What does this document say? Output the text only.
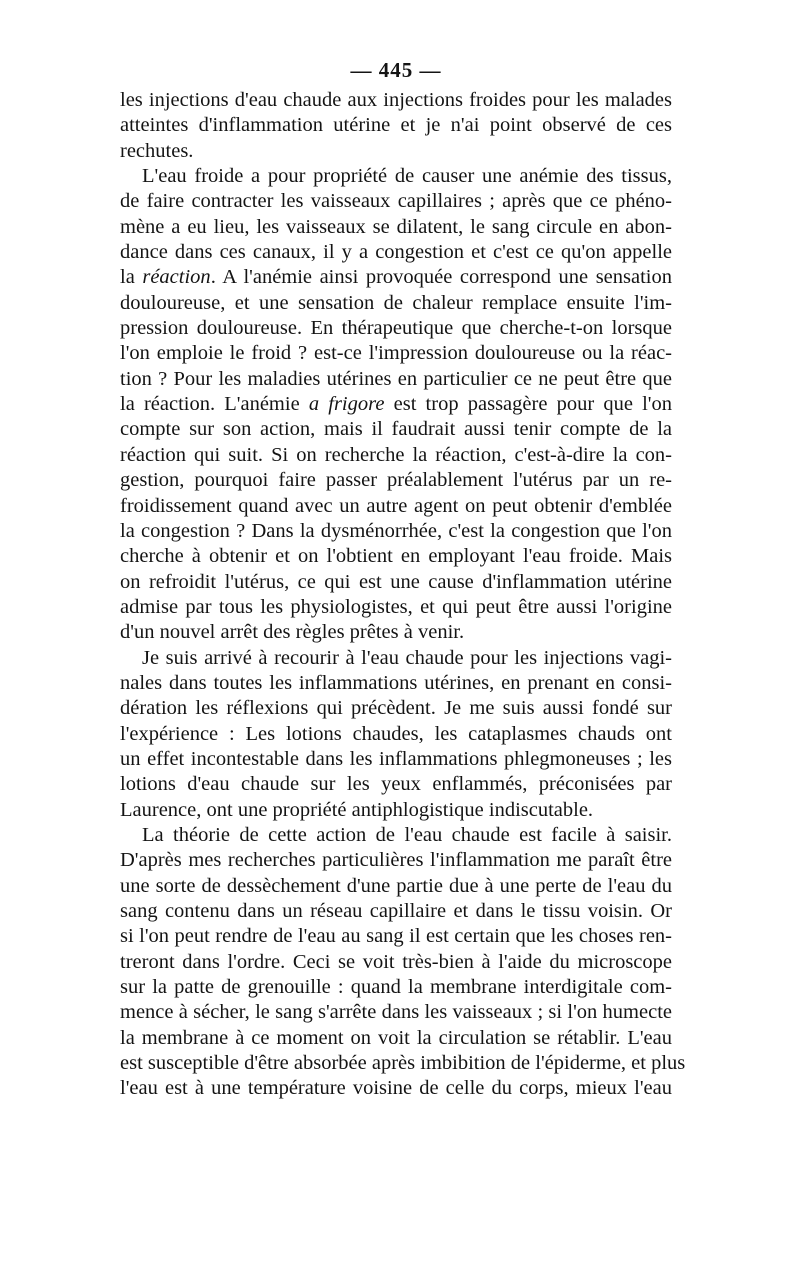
— 445 —
les injections d'eau chaude aux injections froides pour les malades
atteintes d'inflammation utérine et je n'ai point observé de ces
rechutes.
L'eau froide a pour propriété de causer une anémie des tissus,
de faire contracter les vaisseaux capillaires ; après que ce phéno-
mène a eu lieu, les vaisseaux se dilatent, le sang circule en abon-
dance dans ces canaux, il y a congestion et c'est ce qu'on appelle
la réaction. A l'anémie ainsi provoquée correspond une sensation
douloureuse, et une sensation de chaleur remplace ensuite l'im-
pression douloureuse. En thérapeutique que cherche-t-on lorsque
l'on emploie le froid ? est-ce l'impression douloureuse ou la réac-
tion ? Pour les maladies utérines en particulier ce ne peut être que
la réaction. L'anémie a frigore est trop passagère pour que l'on
compte sur son action, mais il faudrait aussi tenir compte de la
réaction qui suit. Si on recherche la réaction, c'est-à-dire la con-
gestion, pourquoi faire passer préalablement l'utérus par un re-
froidissement quand avec un autre agent on peut obtenir d'emblée
la congestion ? Dans la dysménorrhée, c'est la congestion que l'on
cherche à obtenir et on l'obtient en employant l'eau froide. Mais
on refroidit l'utérus, ce qui est une cause d'inflammation utérine
admise par tous les physiologistes, et qui peut être aussi l'origine
d'un nouvel arrêt des règles prêtes à venir.
Je suis arrivé à recourir à l'eau chaude pour les injections vagi-
nales dans toutes les inflammations utérines, en prenant en consi-
dération les réflexions qui précèdent. Je me suis aussi fondé sur
l'expérience : Les lotions chaudes, les cataplasmes chauds ont
un effet incontestable dans les inflammations phlegmoneuses ; les
lotions d'eau chaude sur les yeux enflammés, préconisées par
Laurence, ont une propriété antiphlogistique indiscutable.
La théorie de cette action de l'eau chaude est facile à saisir.
D'après mes recherches particulières l'inflammation me paraît être
une sorte de dessèchement d'une partie due à une perte de l'eau du
sang contenu dans un réseau capillaire et dans le tissu voisin. Or
si l'on peut rendre de l'eau au sang il est certain que les choses ren-
treront dans l'ordre. Ceci se voit très-bien à l'aide du microscope
sur la patte de grenouille : quand la membrane interdigitale com-
mence à sécher, le sang s'arrête dans les vaisseaux ; si l'on humecte
la membrane à ce moment on voit la circulation se rétablir. L'eau
est susceptible d'être absorbée après imbibition de l'épiderme, et plus
l'eau est à une température voisine de celle du corps, mieux l'eau
